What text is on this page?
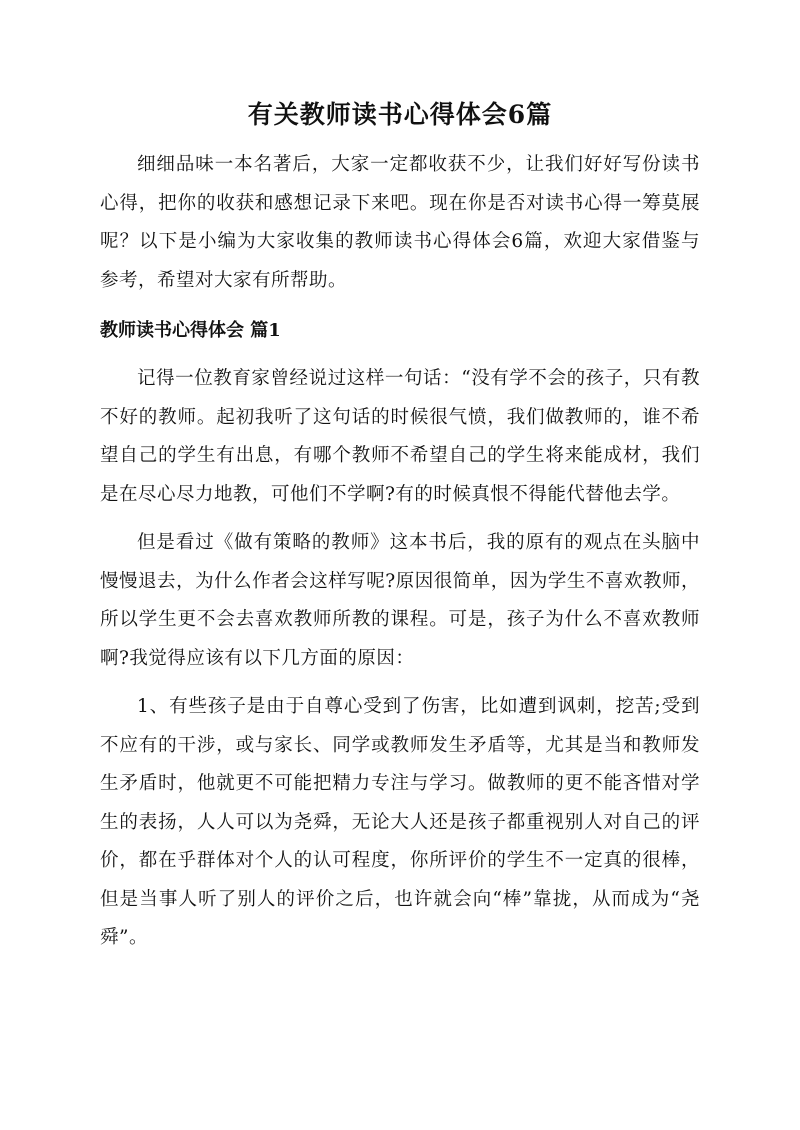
有关教师读书心得体会6篇

细细品味一本名著后，大家一定都收获不少，让我们好好写份读书心得，把你的收获和感想记录下来吧。现在你是否对读书心得一筹莫展呢？以下是小编为大家收集的教师读书心得体会6篇，欢迎大家借鉴与参考，希望对大家有所帮助。

教师读书心得体会 篇1

记得一位教育家曾经说过这样一句话：“没有学不会的孩子，只有教不好的教师。起初我听了这句话的时候很气愤，我们做教师的，谁不希望自己的学生有出息，有哪个教师不希望自己的学生将来能成材，我们是在尽心尽力地教，可他们不学啊?有的时候真恨不得能代替他去学。

但是看过《做有策略的教师》这本书后，我的原有的观点在头脑中慢慢退去，为什么作者会这样写呢?原因很简单，因为学生不喜欢教师，所以学生更不会去喜欢教师所教的课程。可是，孩子为什么不喜欢教师啊?我觉得应该有以下几方面的原因：

1、有些孩子是由于自尊心受到了伤害，比如遭到讽刺，挖苦;受到不应有的干涉，或与家长、同学或教师发生矛盾等，尤其是当和教师发生矛盾时，他就更不可能把精力专注与学习。做教师的更不能吝惜对学生的表扬，人人可以为尧舜，无论大人还是孩子都重视别人对自己的评价，都在乎群体对个人的认可程度，你所评价的学生不一定真的很棒，但是当事人听了别人的评价之后，也许就会向“棒”靠拢，从而成为“尧舜”。
